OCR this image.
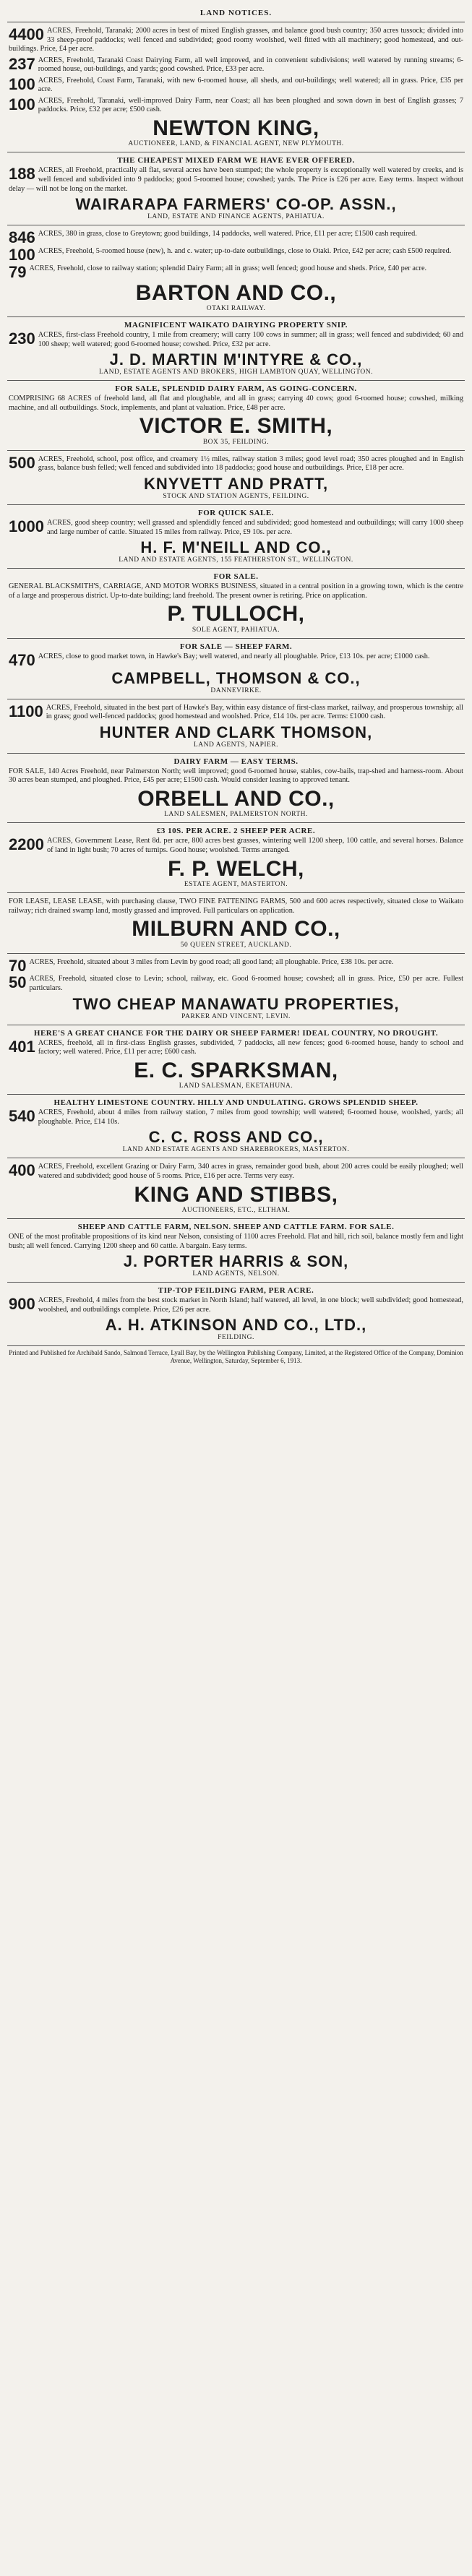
LAND NOTICES.
4400 ACRES, Freehold, Taranaki; 2000 acres in best of mixed English grasses, and balance good bush country; 350 acres tussock; divided into 33 sheep-proof paddocks; well fenced and subdivided; good roomy woolshed, well fitted with all machinery; good homestead, and out-buildings. Price, £4 per acre.
237 ACRES, Freehold, Taranaki Coast Dairying Farm, all well improved, and in convenient subdivisions; well watered by running streams; 6-roomed house, out-buildings, and yards; good cowshed. Price, £33 per acre.
100 ACRES, Freehold, Coast Farm, Taranaki, with new 6-roomed house, all sheds, and out-buildings; well watered; all in grass. Price, £35 per acre.
100 ACRES, Freehold, Taranaki, well-improved Dairy Farm, near Coast; all has been ploughed and sown down in best of English grasses; 7 paddocks. Price, £32 per acre; £500 cash.
NEWTON KING,
AUCTIONEER, LAND, & FINANCIAL AGENT, NEW PLYMOUTH.
THE CHEAPEST MIXED FARM WE HAVE EVER OFFERED.
188 ACRES, all Freehold, practically all flat, several acres have been stumped; the whole property is exceptionally well watered by creeks, and is well fenced and subdivided into 9 paddocks; good 5-roomed house; cowshed; yards. The Price is £26 per acre. Easy terms. Inspect without delay — will not be long on the market.
WAIRARAPA FARMERS' CO-OP. ASSN.,
LAND, ESTATE AND FINANCE AGENTS, PAHIATUA.
846 ACRES, 380 in grass, close to Greytown; good buildings, 14 paddocks, well watered. Price, £11 per acre; £1500 cash required.
100 ACRES, Freehold, 5-roomed house (new), h. and c. water; up-to-date outbuildings, close to Otaki. Price, £42 per acre; cash £500 required.
79 ACRES, Freehold, close to railway station; splendid Dairy Farm; all in grass; well fenced; good house and sheds. Price, £40 per acre.
BARTON AND CO.,
OTAKI RAILWAY.
MAGNIFICENT WAIKATO DAIRYING PROPERTY SNIP.
230 ACRES, first-class Freehold country, 1 mile from creamery; will carry 100 cows in summer; all in grass; well fenced and subdivided; 60 and 100 sheep; well watered; good 6-roomed house; cowshed. Price, £32 per acre.
J. D. MARTIN M'INTYRE & CO.,
LAND, ESTATE AGENTS AND BROKERS, HIGH LAMBTON QUAY, WELLINGTON.
FOR SALE, SPLENDID DAIRY FARM, AS GOING-CONCERN.
COMPRISING 68 ACRES of freehold land, all flat and ploughable, and all in grass; carrying 40 cows; good 6-roomed house; cowshed, milking machine, and all outbuildings. Stock, implements, and plant at valuation. Price, £48 per acre.
VICTOR E. SMITH,
BOX 35, FEILDING.
500 ACRES, Freehold, school, post office, and creamery 1½ miles, railway station 3 miles; good level road; 350 acres ploughed and in English grass, balance bush felled; well fenced and subdivided into 18 paddocks; good house and outbuildings. Price, £18 per acre.
KNYVETT AND PRATT,
STOCK AND STATION AGENTS, FEILDING.
FOR QUICK SALE.
1000 ACRES, good sheep country; well grassed and splendidly fenced and subdivided; good homestead and outbuildings; will carry 1000 sheep and large number of cattle. Situated 15 miles from railway. Price, £9 10s. per acre.
H. F. M'NEILL AND CO.,
LAND AND ESTATE AGENTS, 155 FEATHERSTON ST., WELLINGTON.
FOR SALE.
GENERAL BLACKSMITH'S, CARRIAGE, AND MOTOR WORKS BUSINESS, situated in a central position in a growing town, which is the centre of a large and prosperous district. Up-to-date building; land freehold. The present owner is retiring. Price on application.
P. TULLOCH,
SOLE AGENT, PAHIATUA.
FOR SALE — SHEEP FARM.
470 ACRES, close to good market town, in Hawke's Bay; well watered, and nearly all ploughable. Price, £13 10s. per acre; £1000 cash.
CAMPBELL, THOMSON & CO.,
DANNEVIRKE.
1100 ACRES, Freehold, situated in the best part of Hawke's Bay, within easy distance of first-class market, railway, and prosperous township; all in grass; good well-fenced paddocks; good homestead and woolshed. Price, £14 10s. per acre. Terms: £1000 cash.
HUNTER AND CLARK THOMSON,
LAND AGENTS, NAPIER.
DAIRY FARM — EASY TERMS.
FOR SALE, 140 Acres Freehold, near Palmerston North; well improved; good 6-roomed house, stables, cow-bails, trap-shed and harness-room. About 30 acres bean stumped, and ploughed. Price, £45 per acre; £1500 cash. Would consider leasing to approved tenant.
ORBELL AND CO.,
LAND SALESMEN, PALMERSTON NORTH.
£3 10S. PER ACRE. 2 SHEEP PER ACRE.
2200 ACRES, Government Lease, Rent 8d. per acre, 800 acres best grasses, wintering well 1200 sheep, 100 cattle, and several horses. Balance of land in light bush; 70 acres of turnips. Good house; woolshed. Terms arranged.
F. P. WELCH,
ESTATE AGENT, MASTERTON.
FOR LEASE, LEASE LEASE, with purchasing clause, TWO FINE FATTENING FARMS, 500 and 600 acres respectively, situated close to Waikato railway; rich drained swamp land, mostly grassed and improved. Full particulars on application.
MILBURN AND CO.,
50 QUEEN STREET, AUCKLAND.
70 ACRES, Freehold, situated about 3 miles from Levin by good road; all good land; all ploughable. Price, £38 10s. per acre.
50 ACRES, Freehold, situated close to Levin; school, railway, etc. Good 6-roomed house; cowshed; all in grass. Price, £50 per acre. Fullest particulars.
TWO CHEAP MANAWATU PROPERTIES,
PARKER AND VINCENT, LEVIN.
HERE'S A GREAT CHANCE FOR THE DAIRY OR SHEEP FARMER! IDEAL COUNTRY, NO DROUGHT.
401 ACRES, freehold, all in first-class English grasses, subdivided, 7 paddocks, all new fences; good 6-roomed house, handy to school and factory; well watered. Price, £11 per acre; £600 cash.
E. C. SPARKSMAN,
LAND SALESMAN, EKETAHUNA.
HEALTHY LIMESTONE COUNTRY. HILLY AND UNDULATING. GROWS SPLENDID SHEEP.
540 ACRES, Freehold, about 4 miles from railway station, 7 miles from good township; well watered; 6-roomed house, woolshed, yards; all ploughable. Price, £14 10s.
C. C. ROSS AND CO.,
LAND AND ESTATE AGENTS AND SHAREBROKERS, MASTERTON.
400 ACRES, Freehold, excellent Grazing or Dairy Farm, 340 acres in grass, remainder good bush, about 200 acres could be easily ploughed; well watered and subdivided; good house of 5 rooms. Price, £16 per acre. Terms very easy.
KING AND STIBBS,
AUCTIONEERS, ETC., ELTHAM.
SHEEP AND CATTLE FARM, NELSON. SHEEP AND CATTLE FARM. FOR SALE.
ONE of the most profitable propositions of its kind near Nelson, consisting of 1100 acres Freehold. Flat and hill, rich soil, balance mostly fern and light bush; all well fenced. Carrying 1200 sheep and 60 cattle. A bargain. Easy terms.
J. PORTER HARRIS & SON,
LAND AGENTS, NELSON.
TIP-TOP FEILDING FARM, PER ACRE.
900 ACRES, Freehold, 4 miles from the best stock market in North Island; half watered, all level, in one block; well subdivided; good homestead, woolshed, and outbuildings complete. Price, £26 per acre.
A. H. ATKINSON AND CO., LTD.,
FEILDING.
Printed and Published for Archibald Sando, Salmond Terrace, Lyall Bay, by the Wellington Publishing Company, Limited, at the Registered Office of the Company, Dominion Avenue, Wellington, Saturday, September 6, 1913.
